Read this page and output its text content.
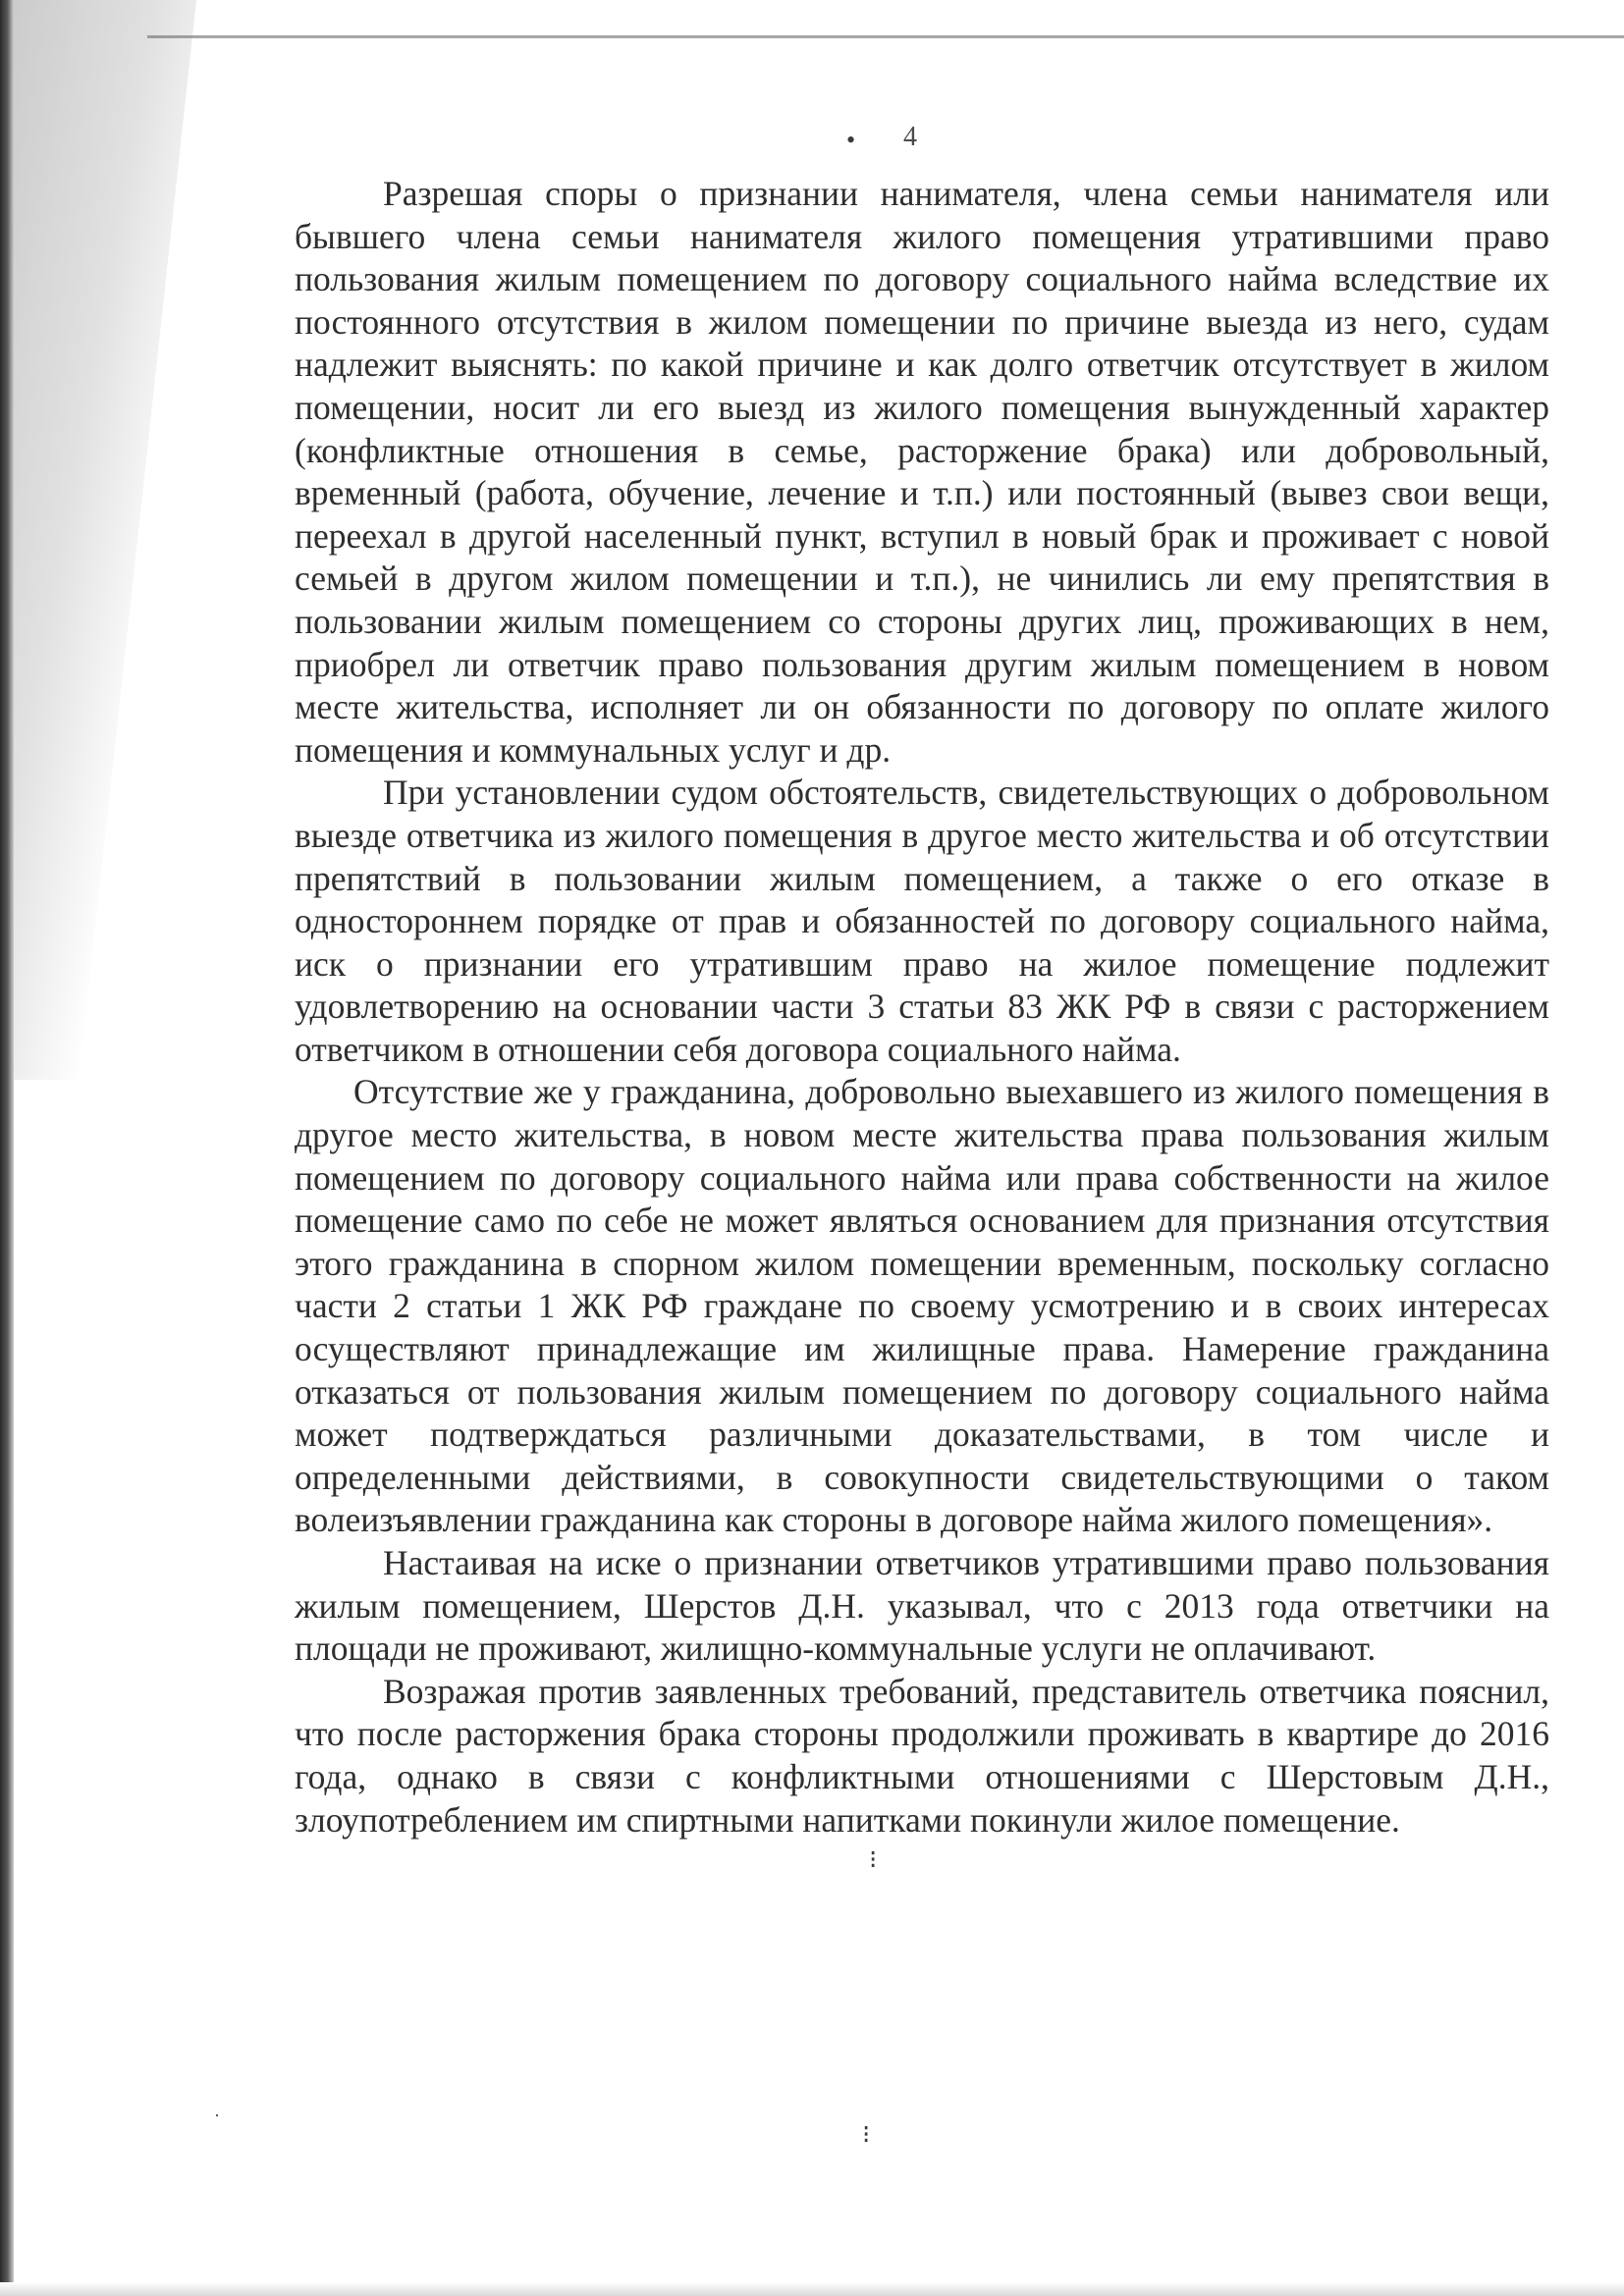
• 4

Разрешая споры о признании нанимателя, члена семьи нанимателя или бывшего члена семьи нанимателя жилого помещения утратившими право пользования жилым помещением по договору социального найма вследствие их постоянного отсутствия в жилом помещении по причине выезда из него, судам надлежит выяснять: по какой причине и как долго ответчик отсутствует в жилом помещении, носит ли его выезд из жилого помещения вынужденный характер (конфликтные отношения в семье, расторжение брака) или добровольный, временный (работа, обучение, лечение и т.п.) или постоянный (вывез свои вещи, переехал в другой населенный пункт, вступил в новый брак и проживает с новой семьей в другом жилом помещении и т.п.), не чинились ли ему препятствия в пользовании жилым помещением со стороны других лиц, проживающих в нем, приобрел ли ответчик право пользования другим жилым помещением в новом месте жительства, исполняет ли он обязанности по договору по оплате жилого помещения и коммунальных услуг и др.

При установлении судом обстоятельств, свидетельствующих о добровольном выезде ответчика из жилого помещения в другое место жительства и об отсутствии препятствий в пользовании жилым помещением, а также о его отказе в одностороннем порядке от прав и обязанностей по договору социального найма, иск о признании его утратившим право на жилое помещение подлежит удовлетворению на основании части 3 статьи 83 ЖК РФ в связи с расторжением ответчиком в отношении себя договора социального найма.

Отсутствие же у гражданина, добровольно выехавшего из жилого помещения в другое место жительства, в новом месте жительства права пользования жилым помещением по договору социального найма или права собственности на жилое помещение само по себе не может являться основанием для признания отсутствия этого гражданина в спорном жилом помещении временным, поскольку согласно части 2 статьи 1 ЖК РФ граждане по своему усмотрению и в своих интересах осуществляют принадлежащие им жилищные права. Намерение гражданина отказаться от пользования жилым помещением по договору социального найма может подтверждаться различными доказательствами, в том числе и определенными действиями, в совокупности свидетельствующими о таком волеизъявлении гражданина как стороны в договоре найма жилого помещения».

Настаивая на иске о признании ответчиков утратившими право пользования жилым помещением, Шерстов Д.Н. указывал, что с 2013 года ответчики на площади не проживают, жилищно-коммунальные услуги не оплачивают.

Возражая против заявленных требований, представитель ответчика пояснил, что после расторжения брака стороны продолжили проживать в квартире до 2016 года, однако в связи с конфликтными отношениями с Шерстовым Д.Н., злоупотреблением им спиртными напитками покинули жилое помещение.

⁝
⁝
·
